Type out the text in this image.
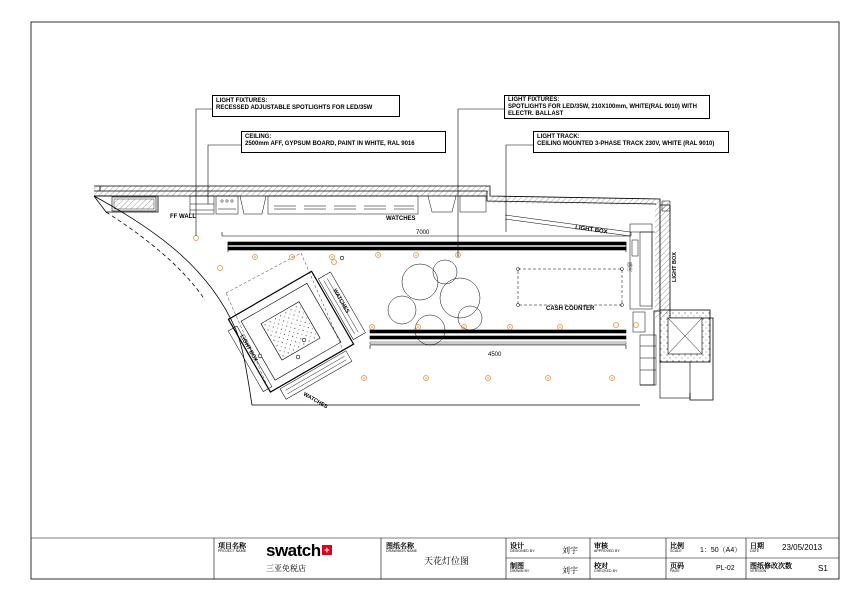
FF WALL	WATCHES
LIGHT BOX
LIGHT BOX
感应
CASH COUNTER
7000
4500
WATCHES
WATCHES
LIGHT BOX
LIGHT FIXTURES:
RECESSED ADJUSTABLE SPOTLIGHTS FOR LED/35W
CEILING:
2500mm AFF, GYPSUM BOARD, PAINT IN WHITE, RAL 9016
LIGHT FIXTURES:
SPOTLIGHTS FOR LED/35W, 210X100mm, WHITE(RAL 9010) WITH
ELECTR. BALLAST
LIGHT TRACK:
CEILING MOUNTED 3-PHASE TRACK 230V, WHITE (RAL 9010)
项目名称
PROJECT NAME swatch +
三亚免税店
图纸名称
DRAWINGS NAME
天花灯位图
设计
DESIGNED BY	刘宇
制图
DRAWN BY	刘宇
审核
APPROVED BY
校对
CHECKED BY
比例
SCALE	1：50（A4）
页码
PAGE	PL-02
日期
DATE	23/05/2013
图纸修改次数
VERSION	S1
